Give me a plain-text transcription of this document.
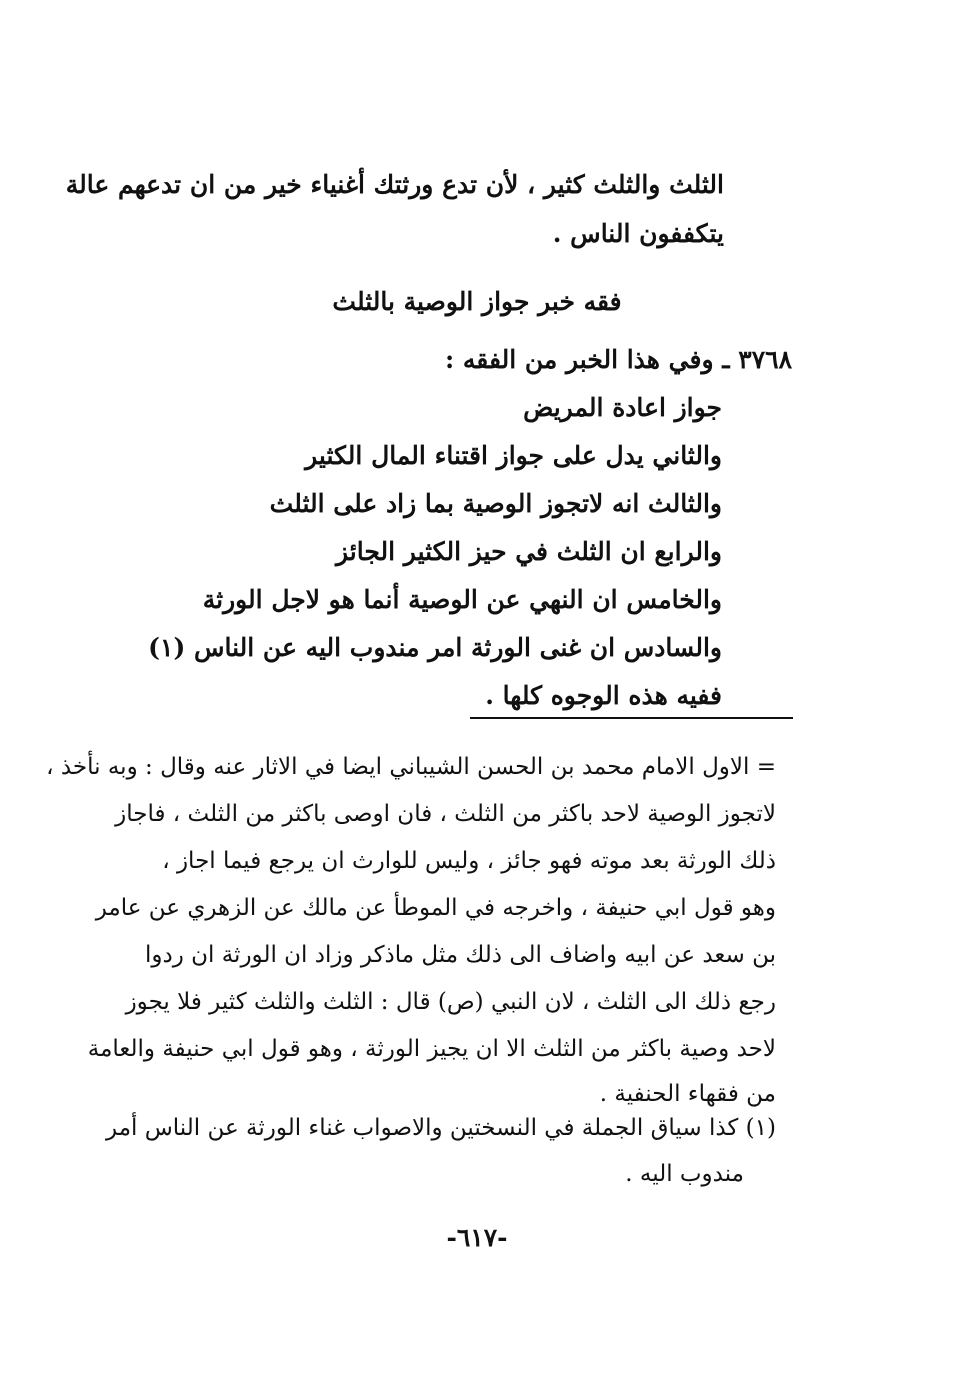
الثلث والثلث كثير ، لأن تدع ورثتك أغنياء خير من ان تدعهم عالة
يتكففون الناس .
فقه خبر جواز الوصية بالثلث
٣٧٦٨ ـ وفي هذا الخبر من الفقه :
جواز اعادة المريض
والثاني يدل على جواز اقتناء المال الكثير
والثالث انه لاتجوز الوصية بما زاد على الثلث
والرابع ان الثلث في حيز الكثير الجائز
والخامس ان النهي عن الوصية أنما هو لاجل الورثة
والسادس ان غنى الورثة امر مندوب اليه عن الناس (١)
ففيه هذه الوجوه كلها .
= الاول الامام محمد بن الحسن الشيباني ايضا في الاثار عنه وقال : وبه نأخذ ،
لاتجوز الوصية لاحد باكثر من الثلث ، فان اوصى باكثر من الثلث ، فاجاز
ذلك الورثة بعد موته فهو جائز ، وليس للوارث ان يرجع فيما اجاز ،
وهو قول ابي حنيفة ، واخرجه في الموطأ عن مالك عن الزهري عن عامر
بن سعد عن ابيه واضاف الى ذلك مثل ماذكر وزاد ان الورثة ان ردوا
رجع ذلك الى الثلث ، لان النبي (ص) قال : الثلث والثلث كثير فلا يجوز
لاحد وصية باكثر من الثلث الا ان يجيز الورثة ، وهو قول ابي حنيفة والعامة
من فقهاء الحنفية .
(١) كذا سياق الجملة في النسختين والاصواب غناء الورثة عن الناس أمر
مندوب اليه .
-٦١٧-
